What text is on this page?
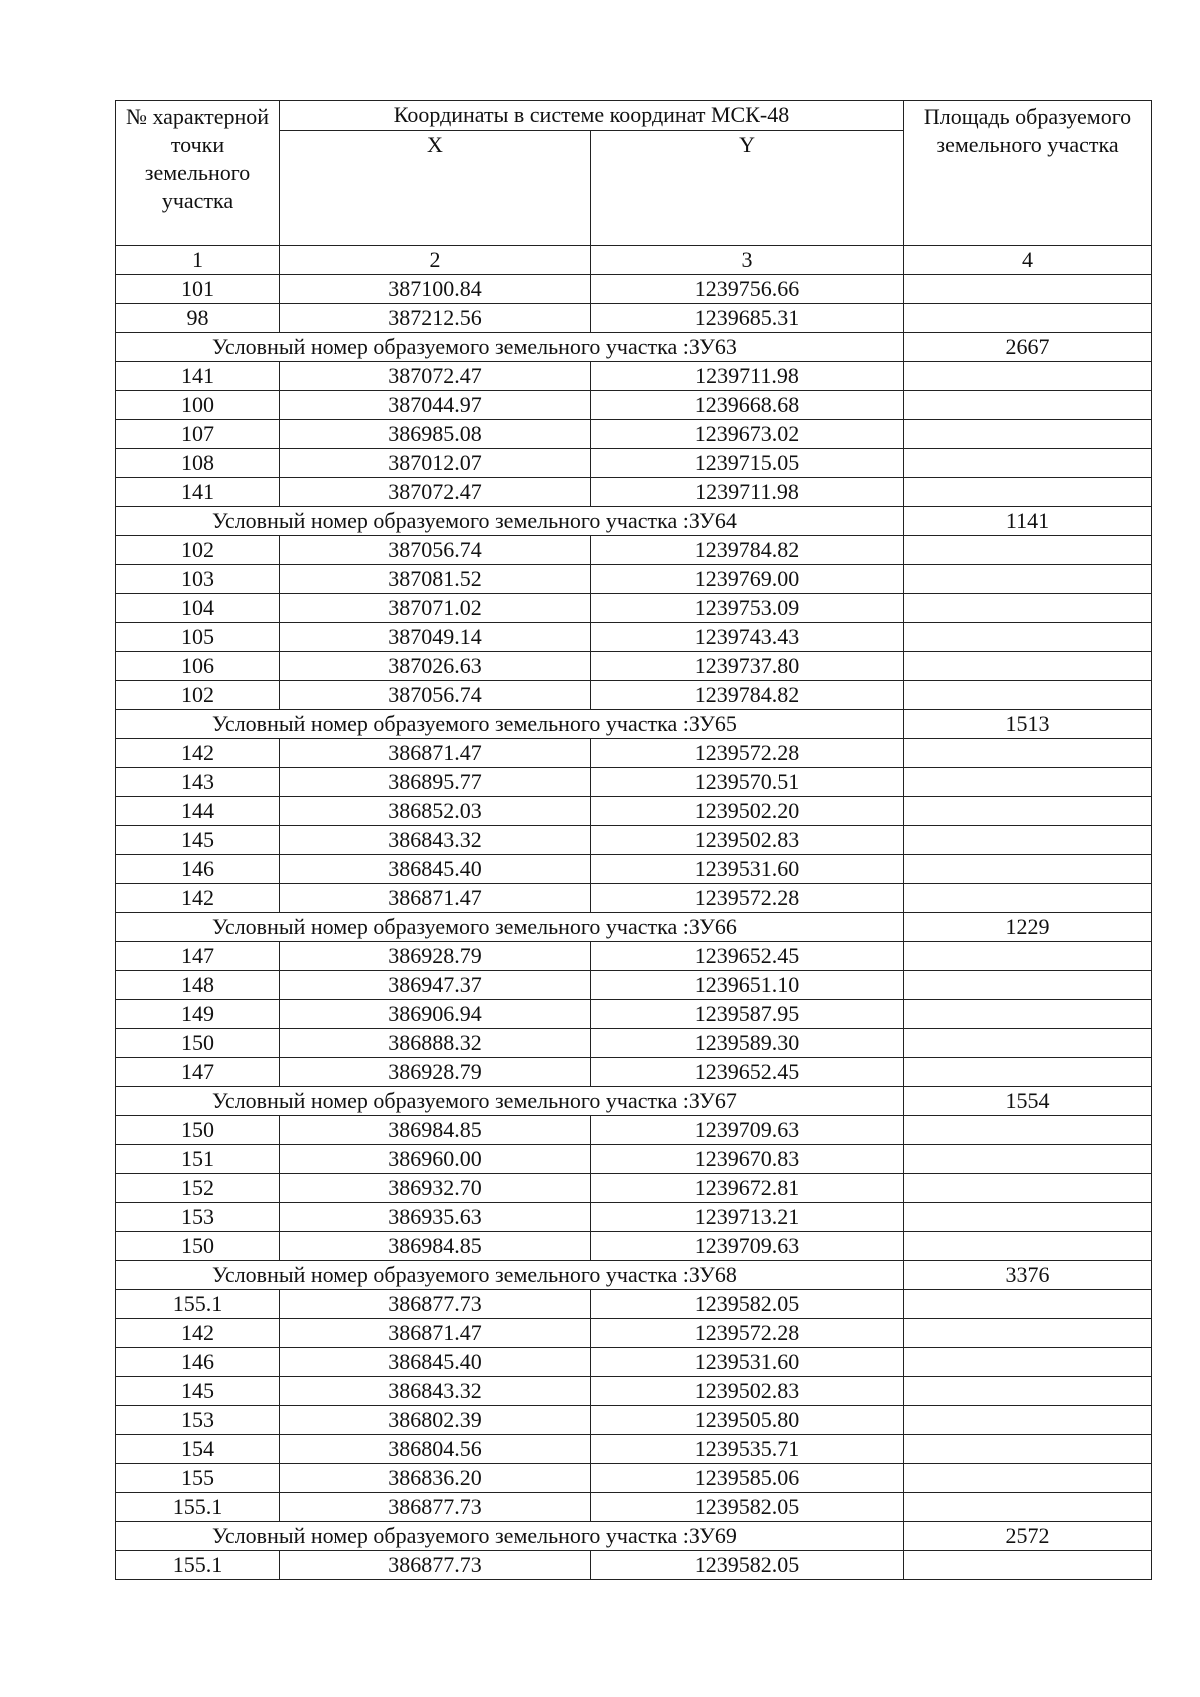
№ характерной точки земельного участка	Координаты в системе координат МСК-48		Площадь образуемого земельного участка
	X	Y	
1	2	3	4
101	387100.84	1239756.66	
98	387212.56	1239685.31	
Условный номер образуемого земельного участка :ЗУ63			2667
141	387072.47	1239711.98	
100	387044.97	1239668.68	
107	386985.08	1239673.02	
108	387012.07	1239715.05	
141	387072.47	1239711.98	
Условный номер образуемого земельного участка :ЗУ64			1141
102	387056.74	1239784.82	
103	387081.52	1239769.00	
104	387071.02	1239753.09	
105	387049.14	1239743.43	
106	387026.63	1239737.80	
102	387056.74	1239784.82	
Условный номер образуемого земельного участка :ЗУ65			1513
142	386871.47	1239572.28	
143	386895.77	1239570.51	
144	386852.03	1239502.20	
145	386843.32	1239502.83	
146	386845.40	1239531.60	
142	386871.47	1239572.28	
Условный номер образуемого земельного участка :ЗУ66			1229
147	386928.79	1239652.45	
148	386947.37	1239651.10	
149	386906.94	1239587.95	
150	386888.32	1239589.30	
147	386928.79	1239652.45	
Условный номер образуемого земельного участка :ЗУ67			1554
150	386984.85	1239709.63	
151	386960.00	1239670.83	
152	386932.70	1239672.81	
153	386935.63	1239713.21	
150	386984.85	1239709.63	
Условный номер образуемого земельного участка :ЗУ68			3376
155.1	386877.73	1239582.05	
142	386871.47	1239572.28	
146	386845.40	1239531.60	
145	386843.32	1239502.83	
153	386802.39	1239505.80	
154	386804.56	1239535.71	
155	386836.20	1239585.06	
155.1	386877.73	1239582.05	
Условный номер образуемого земельного участка :ЗУ69			2572
155.1	386877.73	1239582.05	
